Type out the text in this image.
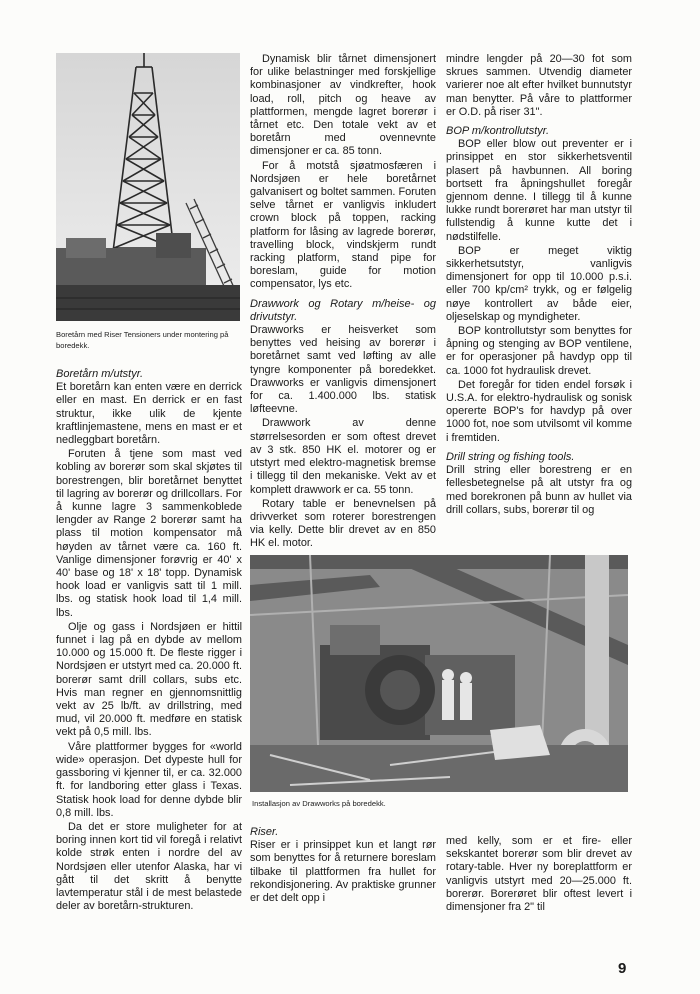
Boretårn med Riser Tensioners under montering på boredekk.
Boretårn m/utstyr.

Et boretårn kan enten være en derrick eller en mast. En derrick er en fast struktur, ikke ulik de kjente kraftlinjemastene, mens en mast er et nedleggbart boretårn.

Foruten å tjene som mast ved kobling av borerør som skal skjøtes til borestrengen, blir boretårnet benyttet til lagring av borerør og drillcollars. For å kunne lagre 3 sammenkoblede lengder av Range 2 borerør samt ha plass til motion kompensator må høyden av tårnet være ca. 160 ft. Vanlige dimensjoner forøvrig er 40' x 40' base og 18' x 18' topp. Dynamisk hook load er vanligvis satt til 1 mill. lbs. og statisk hook load til 1,4 mill. lbs.

Olje og gass i Nordsjøen er hittil funnet i lag på en dybde av mellom 10.000 og 15.000 ft. De fleste rigger i Nordsjøen er utstyrt med ca. 20.000 ft. borerør samt drill collars, subs etc. Hvis man regner en gjennomsnittlig vekt av 25 lb/ft. av drillstring, med mud, vil 20.000 ft. medføre en statisk vekt på 0,5 mill. lbs.

Våre plattformer bygges for «world wide» operasjon. Det dypeste hull for gassboring vi kjenner til, er ca. 32.000 ft. for landboring etter glass i Texas. Statisk hook load for denne dybde blir 0,8 mill. lbs.

Da det er store muligheter for at boring innen kort tid vil foregå i relativt kolde strøk enten i nordre del av Nordsjøen eller utenfor Alaska, har vi gått til det skritt å benytte lavtemperatur stål i de mest belastede deler av boretårn-strukturen.

Dynamisk blir tårnet dimensjonert for ulike belastninger med forskjellige kombinasjoner av vindkrefter, hook load, roll, pitch og heave av plattformen, mengde lagret borerør i tårnet etc. Den totale vekt av et boretårn med ovennevnte dimensjoner er ca. 85 tonn.

For å motstå sjøatmosfæren i Nordsjøen er hele boretårnet galvanisert og boltet sammen. Foruten selve tårnet er vanligvis inkludert crown block på toppen, racking platform for låsing av lagrede borerør, travelling block, vindskjerm rundt racking platform, stand pipe for boreslam, guide for motion compensator, lys etc.

Drawwork og Rotary m/heise- og drivutstyr.

Drawworks er heisverket som benyttes ved heising av borerør i boretårnet samt ved løfting av alle tyngre komponenter på boredekket. Drawworks er vanligvis dimensjonert for ca. 1.400.000 lbs. statisk løfteevne.

Drawwork av denne størrelsesorden er som oftest drevet av 3 stk. 850 HK el. motorer og er utstyrt med elektro-magnetisk bremse i tillegg til den mekaniske. Vekt av et komplett drawwork er ca. 55 tonn.

Rotary table er benevnelsen på drivverket som roterer borestrengen via kelly. Dette blir drevet av en 850 HK el. motor.

mindre lengder på 20—30 fot som skrues sammen. Utvendig diameter varierer noe alt efter hvilket bunnutstyr man benytter. På våre to plattformer er O.D. på riser 31".

BOP m/kontrollutstyr.

BOP eller blow out preventer er i prinsippet en stor sikkerhetsventil plasert på havbunnen. All boring bortsett fra åpningshullet foregår gjennom denne. I tillegg til å kunne lukke rundt borerøret har man utstyr til fullstendig å kunne kutte det i nødstilfelle.

BOP er meget viktig sikkerhetsutstyr, vanligvis dimensjonert for opp til 10.000 p.s.i. eller 700 kp/cm² trykk, og er følgelig nøye kontrollert av både eier, oljeselskap og myndigheter.

BOP kontrollutstyr som benyttes for åpning og stenging av BOP ventilene, er for operasjoner på havdyp opp til ca. 1000 fot hydraulisk drevet.

Det foregår for tiden endel forsøk i U.S.A. for elektro-hydraulisk og sonisk opererte BOP's for havdyp på over 1000 fot, noe som utvilsomt vil komme i fremtiden.

Drill string og fishing tools.

Drill string eller borestreng er en fellesbetegnelse på alt utstyr fra og med borekronen på bunn av hullet via drill collars, subs, borerør til og

Installasjon av Drawworks på boredekk.
Riser.

Riser er i prinsippet kun et langt rør som benyttes for å returnere boreslam tilbake til plattformen fra hullet for rekondisjonering. Av praktiske grunner er det delt opp i

med kelly, som er et fire- eller sekskantet borerør som blir drevet av rotary-table. Hver ny boreplattform er vanligvis utstyrt med 20—25.000 ft. borerør. Borerøret blir oftest levert i dimensjoner fra 2" til

9
